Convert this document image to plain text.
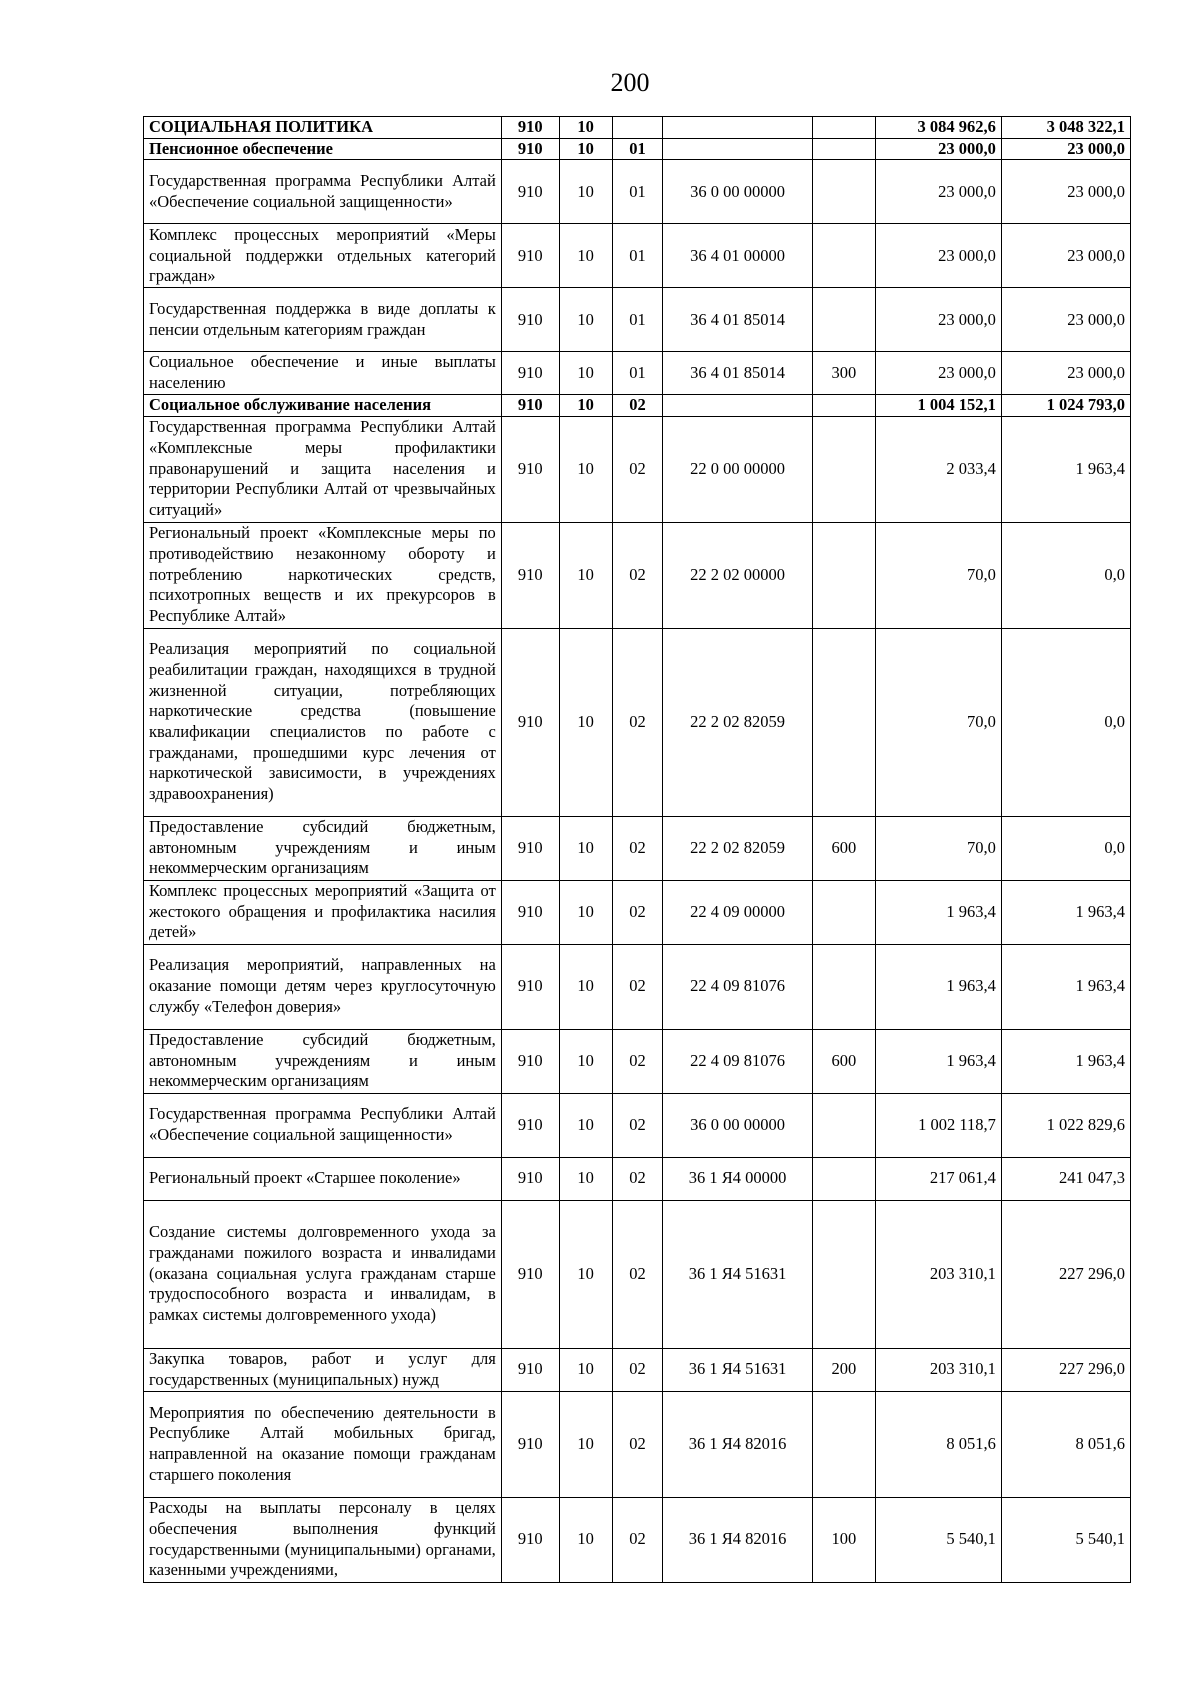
200
СОЦИАЛЬНАЯ ПОЛИТИКА	910	10				3 084 962,6	3 048 322,1
Пенсионное обеспечение	910	10	01			23 000,0	23 000,0
Государственная программа Республики Алтай «Обеспечение социальной защищенности»	910	10	01	36 0 00 00000		23 000,0	23 000,0
Комплекс процессных мероприятий «Меры социальной поддержки отдельных категорий граждан»	910	10	01	36 4 01 00000		23 000,0	23 000,0
Государственная поддержка в виде доплаты к пенсии отдельным категориям граждан	910	10	01	36 4 01 85014		23 000,0	23 000,0
Социальное обеспечение и иные выплаты населению	910	10	01	36 4 01 85014	300	23 000,0	23 000,0
Социальное обслуживание населения	910	10	02			1 004 152,1	1 024 793,0
Государственная программа Республики Алтай «Комплексные меры профилактики правонарушений и защита населения и территории Республики Алтай от чрезвычайных ситуаций»	910	10	02	22 0 00 00000		2 033,4	1 963,4
Региональный проект «Комплексные меры по противодействию незаконному обороту и потреблению наркотических средств, психотропных веществ и их прекурсоров в Республике Алтай»	910	10	02	22 2 02 00000		70,0	0,0
Реализация мероприятий по социальной реабилитации граждан, находящихся в трудной жизненной ситуации, потребляющих наркотические средства (повышение квалификации специалистов по работе с гражданами, прошедшими курс лечения от наркотической зависимости, в учреждениях здравоохранения)	910	10	02	22 2 02 82059		70,0	0,0
Предоставление субсидий бюджетным, автономным учреждениям и иным некоммерческим организациям	910	10	02	22 2 02 82059	600	70,0	0,0
Комплекс процессных мероприятий «Защита от жестокого обращения и профилактика насилия детей»	910	10	02	22 4 09 00000		1 963,4	1 963,4
Реализация мероприятий, направленных на оказание помощи детям через круглосуточную службу «Телефон доверия»	910	10	02	22 4 09 81076		1 963,4	1 963,4
Предоставление субсидий бюджетным, автономным учреждениям и иным некоммерческим организациям	910	10	02	22 4 09 81076	600	1 963,4	1 963,4
Государственная программа Республики Алтай «Обеспечение социальной защищенности»	910	10	02	36 0 00 00000		1 002 118,7	1 022 829,6
Региональный проект «Старшее поколение»	910	10	02	36 1 Я4 00000		217 061,4	241 047,3
Создание системы долговременного ухода за гражданами пожилого возраста и инвалидами (оказана социальная услуга гражданам старше трудоспособного возраста и инвалидам, в рамках системы долговременного ухода)	910	10	02	36 1 Я4 51631		203 310,1	227 296,0
Закупка товаров, работ и услуг для государственных (муниципальных) нужд	910	10	02	36 1 Я4 51631	200	203 310,1	227 296,0
Мероприятия по обеспечению деятельности в Республике Алтай мобильных бригад, направленной на оказание помощи гражданам старшего поколения	910	10	02	36 1 Я4 82016		8 051,6	8 051,6
Расходы на выплаты персоналу в целях обеспечения выполнения функций государственными (муниципальными) органами, казенными учреждениями,	910	10	02	36 1 Я4 82016	100	5 540,1	5 540,1
